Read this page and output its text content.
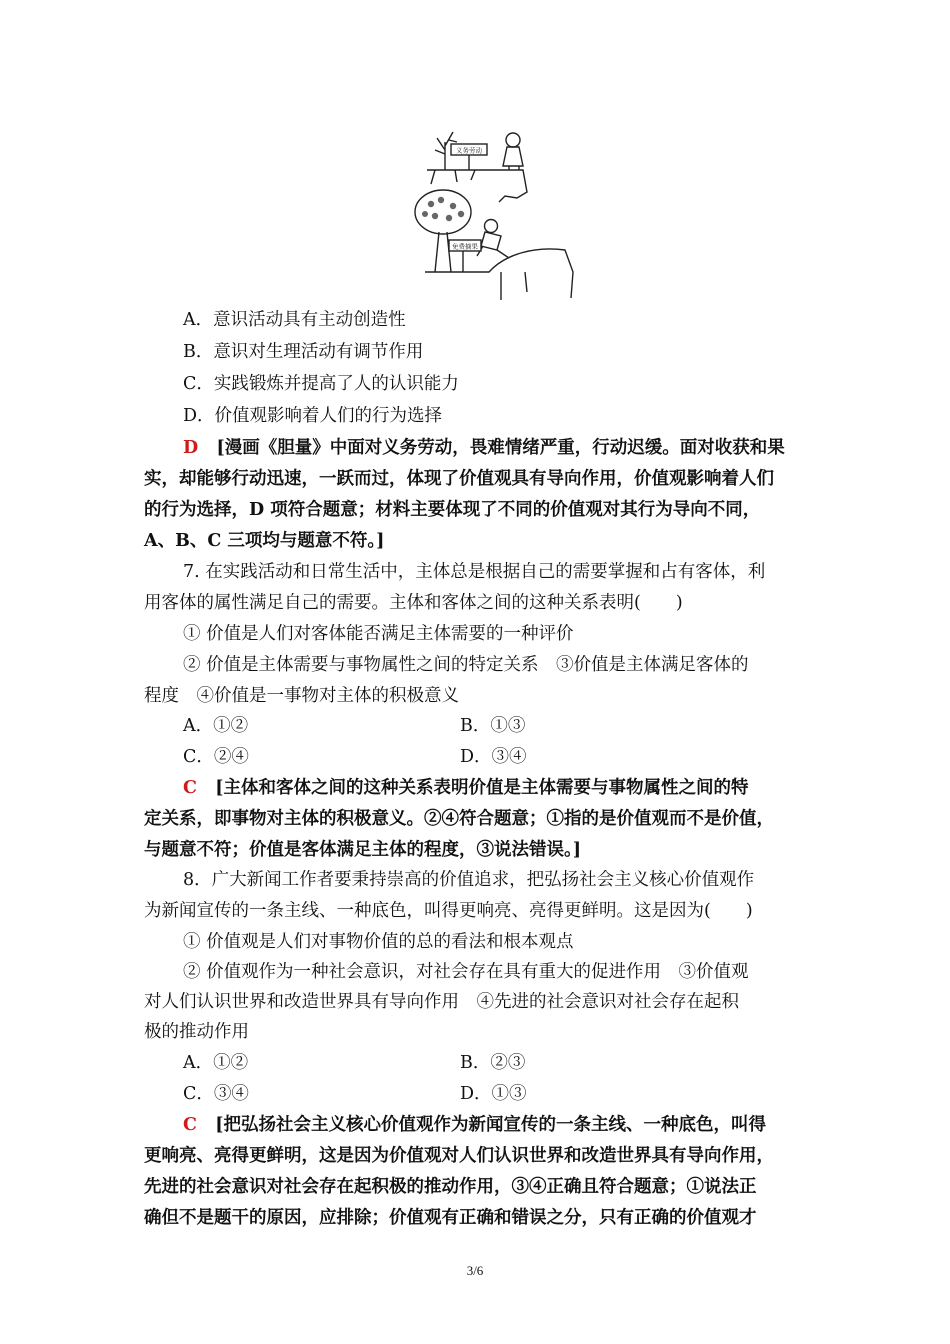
义务劳动
免费摘果
A．意识活动具有主动创造性
B．意识对生理活动有调节作用
C．实践锻炼并提高了人的认识能力
D．价值观影响着人们的行为选择
D [漫画《胆量》中面对义务劳动，畏难情绪严重，行动迟缓。面对收获和果
实，却能够行动迅速，一跃而过，体现了价值观具有导向作用，价值观影响着人们
的行为选择，D 项符合题意；材料主要体现了不同的价值观对其行为导向不同，
A、B、C 三项均与题意不符。]
7. 在实践活动和日常生活中，主体总是根据自己的需要掌握和占有客体，利
用客体的属性满足自己的需要。主体和客体之间的这种关系表明(　　)
① 价值是人们对客体能否满足主体需要的一种评价
② 价值是主体需要与事物属性之间的特定关系　③价值是主体满足客体的
程度　④价值是一事物对主体的积极意义
A．①②	B．①③
C．②④	D．③④
C [主体和客体之间的这种关系表明价值是主体需要与事物属性之间的特
定关系，即事物对主体的积极意义。②④符合题意；①指的是价值观而不是价值，
与题意不符；价值是客体满足主体的程度，③说法错误。]
8．广大新闻工作者要秉持崇高的价值追求，把弘扬社会主义核心价值观作
为新闻宣传的一条主线、一种底色，叫得更响亮、亮得更鲜明。这是因为(　　)
① 价值观是人们对事物价值的总的看法和根本观点
② 价值观作为一种社会意识，对社会存在具有重大的促进作用　③价值观
对人们认识世界和改造世界具有导向作用　④先进的社会意识对社会存在起积
极的推动作用
A．①②	B．②③
C．③④	D．①③
C [把弘扬社会主义核心价值观作为新闻宣传的一条主线、一种底色，叫得
更响亮、亮得更鲜明，这是因为价值观对人们认识世界和改造世界具有导向作用，
先进的社会意识对社会存在起积极的推动作用，③④正确且符合题意；①说法正
确但不是题干的原因，应排除；价值观有正确和错误之分，只有正确的价值观才
3/6
